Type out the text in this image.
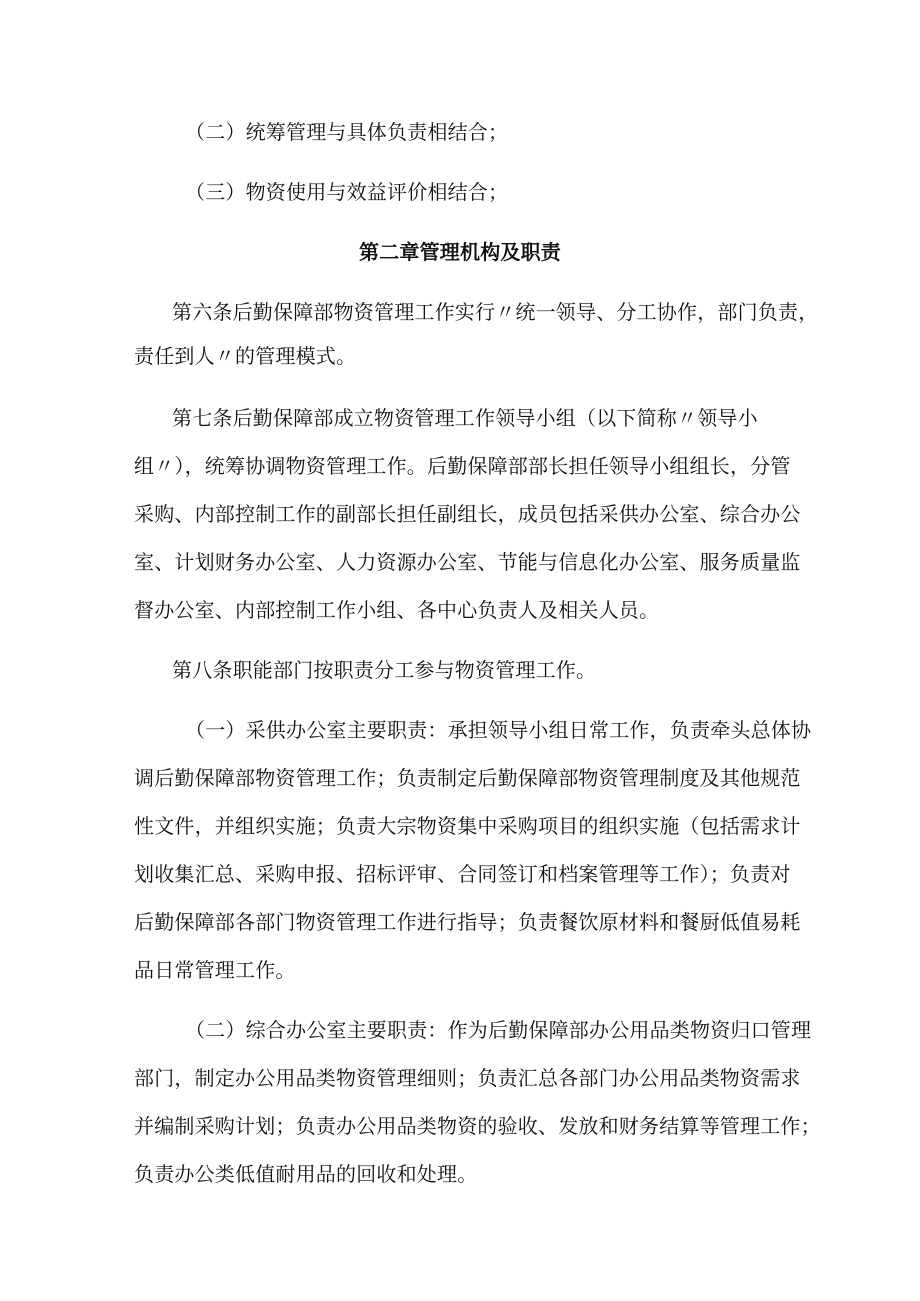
（二）统筹管理与具体负责相结合；
（三）物资使用与效益评价相结合；
第二章管理机构及职责
第六条后勤保障部物资管理工作实行〃统一领导、分工协作，部门负责，
责任到人〃的管理模式。
第七条后勤保障部成立物资管理工作领导小组（以下简称〃领导小
组〃），统筹协调物资管理工作。后勤保障部部长担任领导小组组长，分管
采购、内部控制工作的副部长担任副组长，成员包括采供办公室、综合办公
室、计划财务办公室、人力资源办公室、节能与信息化办公室、服务质量监
督办公室、内部控制工作小组、各中心负责人及相关人员。
第八条职能部门按职责分工参与物资管理工作。
（一）采供办公室主要职责：承担领导小组日常工作，负责牵头总体协
调后勤保障部物资管理工作；负责制定后勤保障部物资管理制度及其他规范
性文件，并组织实施；负责大宗物资集中采购项目的组织实施（包括需求计
划收集汇总、采购申报、招标评审、合同签订和档案管理等工作）；负责对
后勤保障部各部门物资管理工作进行指导；负责餐饮原材料和餐厨低值易耗
品日常管理工作。
（二）综合办公室主要职责：作为后勤保障部办公用品类物资归口管理
部门，制定办公用品类物资管理细则；负责汇总各部门办公用品类物资需求
并编制采购计划；负责办公用品类物资的验收、发放和财务结算等管理工作；
负责办公类低值耐用品的回收和处理。
